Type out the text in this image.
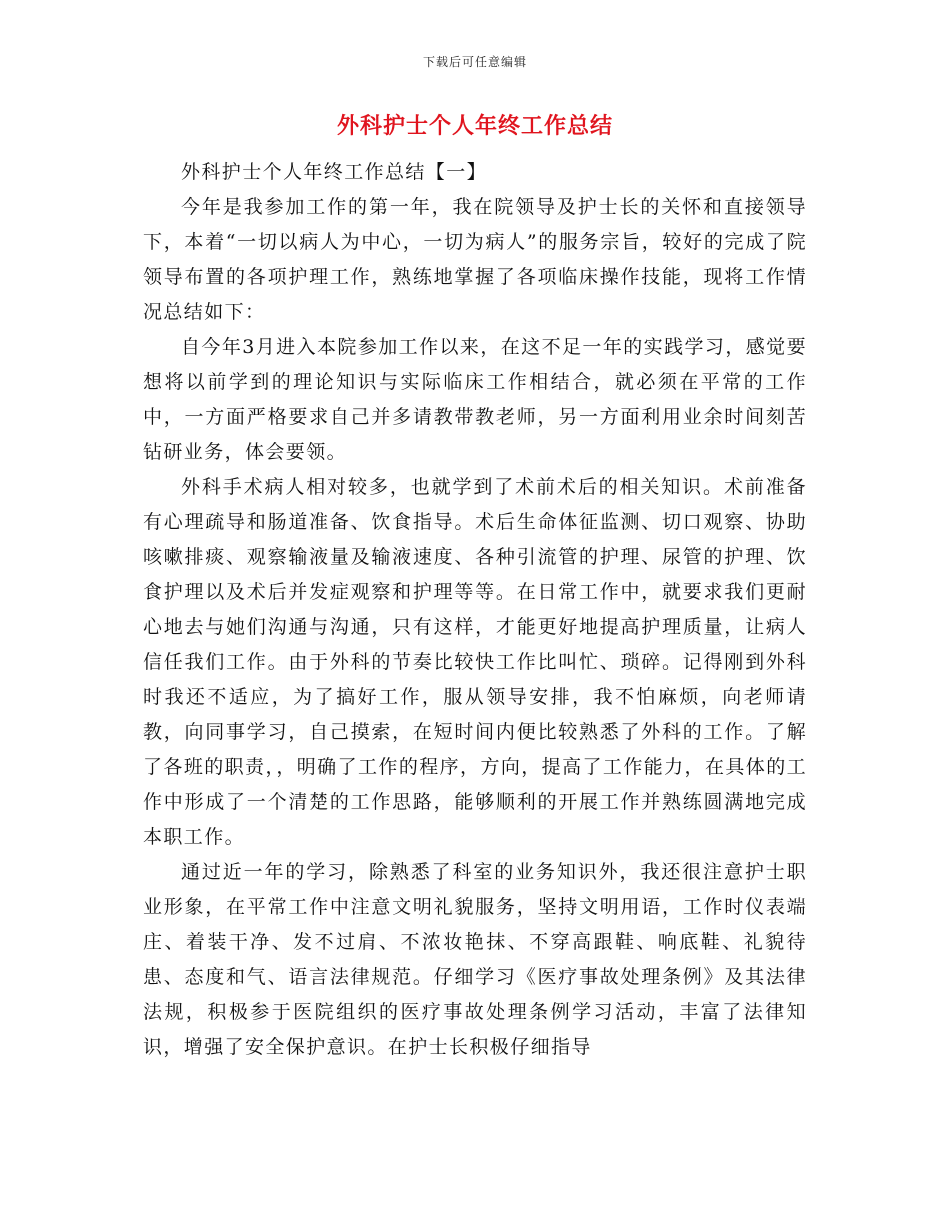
下载后可任意编辑
外科护士个人年终工作总结

外科护士个人年终工作总结【一】

今年是我参加工作的第一年，我在院领导及护士长的关怀和直接领导下，本着“一切以病人为中心，一切为病人”的服务宗旨，较好的完成了院领导布置的各项护理工作，熟练地掌握了各项临床操作技能，现将工作情况总结如下：

自今年3月进入本院参加工作以来，在这不足一年的实践学习，感觉要想将以前学到的理论知识与实际临床工作相结合，就必须在平常的工作中，一方面严格要求自己并多请教带教老师，另一方面利用业余时间刻苦钻研业务，体会要领。

外科手术病人相对较多，也就学到了术前术后的相关知识。术前准备有心理疏导和肠道准备、饮食指导。术后生命体征监测、切口观察、协助咳嗽排痰、观察输液量及输液速度、各种引流管的护理、尿管的护理、饮食护理以及术后并发症观察和护理等等。在日常工作中，就要求我们更耐心地去与她们沟通与沟通，只有这样，才能更好地提高护理质量，让病人信任我们工作。由于外科的节奏比较快工作比叫忙、琐碎。记得刚到外科时我还不适应，为了搞好工作，服从领导安排，我不怕麻烦，向老师请教，向同事学习，自己摸索，在短时间内便比较熟悉了外科的工作。了解了各班的职责，，明确了工作的程序，方向，提高了工作能力，在具体的工作中形成了一个清楚的工作思路，能够顺利的开展工作并熟练圆满地完成本职工作。

通过近一年的学习，除熟悉了科室的业务知识外，我还很注意护士职业形象，在平常工作中注意文明礼貌服务，坚持文明用语，工作时仪表端庄、着装干净、发不过肩、不浓妆艳抹、不穿高跟鞋、响底鞋、礼貌待患、态度和气、语言法律规范。仔细学习《医疗事故处理条例》及其法律法规，积极参于医院组织的医疗事故处理条例学习活动，丰富了法律知识，增强了安全保护意识。在护士长积极仔细指导
